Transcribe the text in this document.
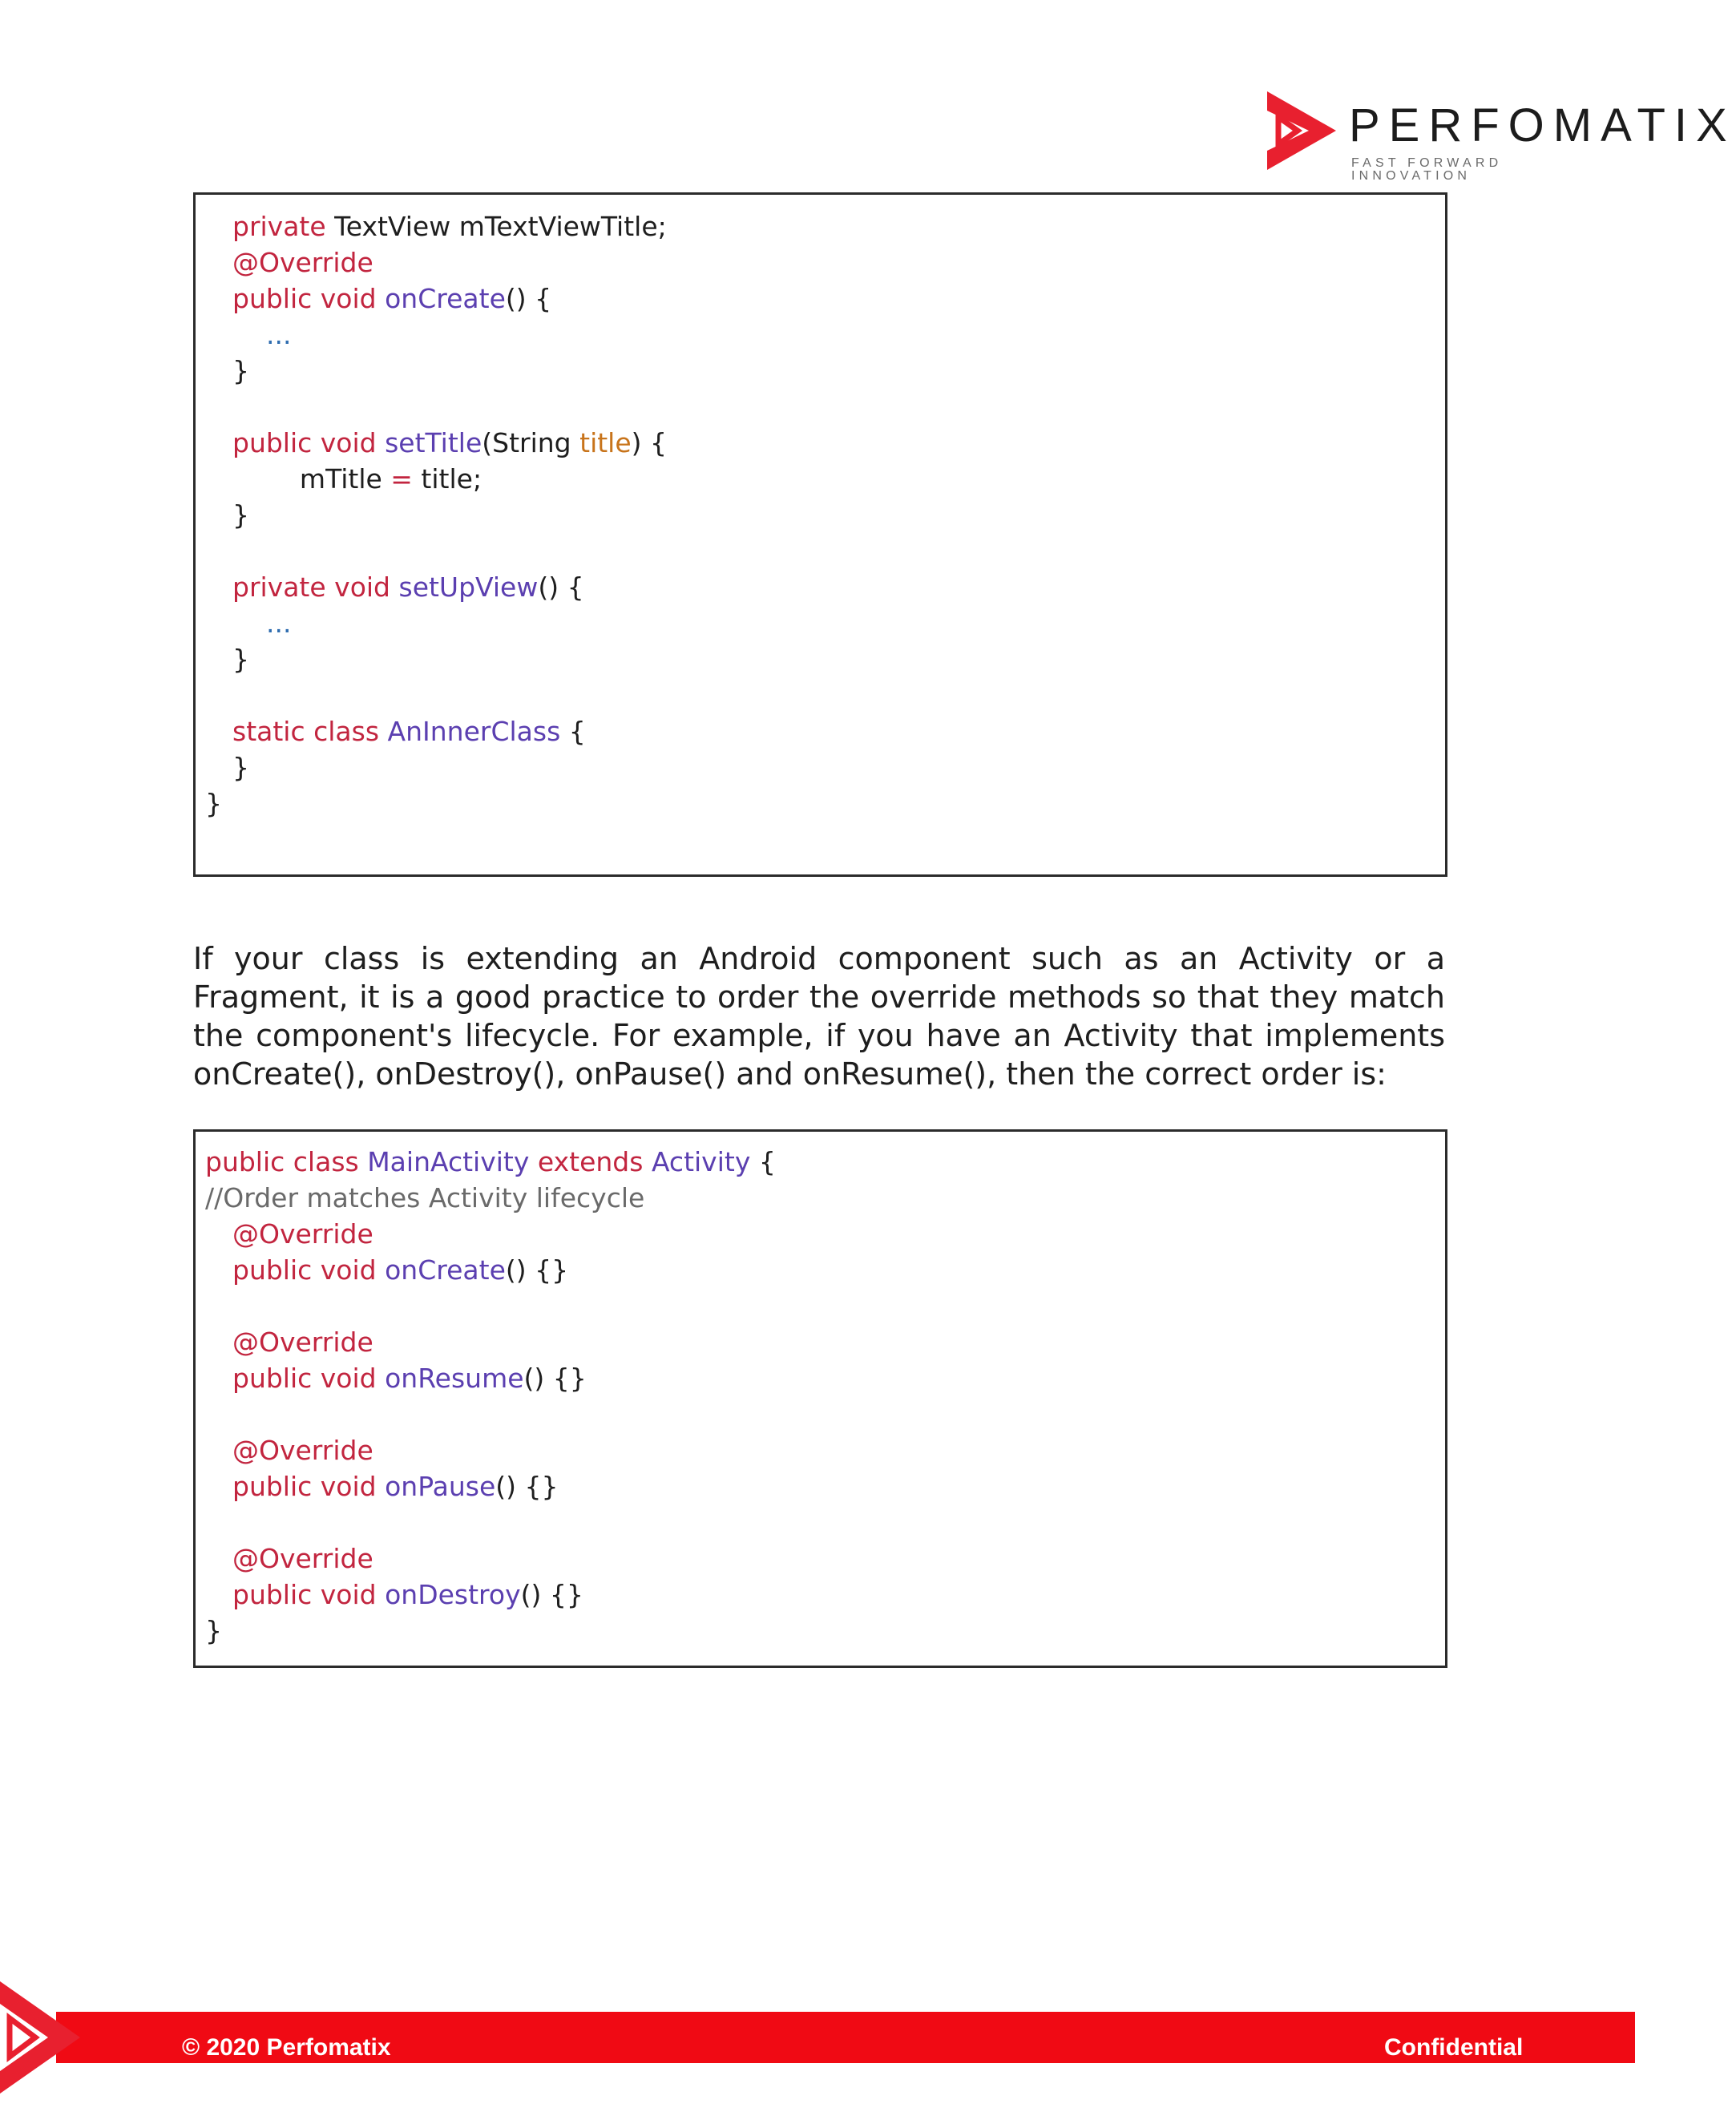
PERFOMATIX
FAST FORWARD INNOVATION
private TextView mTextViewTitle;
@Override
public void onCreate() {
...
}
public void setTitle(String title) {
mTitle = title;
}
private void setUpView() {
...
}
static class AnInnerClass {
}
}

If your class is extending an Android component such as an Activity or a Fragment, it is a good practice to order the override methods so that they match the component's lifecycle. For example, if you have an Activity that implements onCreate(), onDestroy(), onPause() and onResume(), then the correct order is:

public class MainActivity extends Activity {
//Order matches Activity lifecycle
@Override
public void onCreate() {}
@Override
public void onResume() {}
@Override
public void onPause() {}
@Override
public void onDestroy() {}
}
© 2020 Perfomatix	Confidential
